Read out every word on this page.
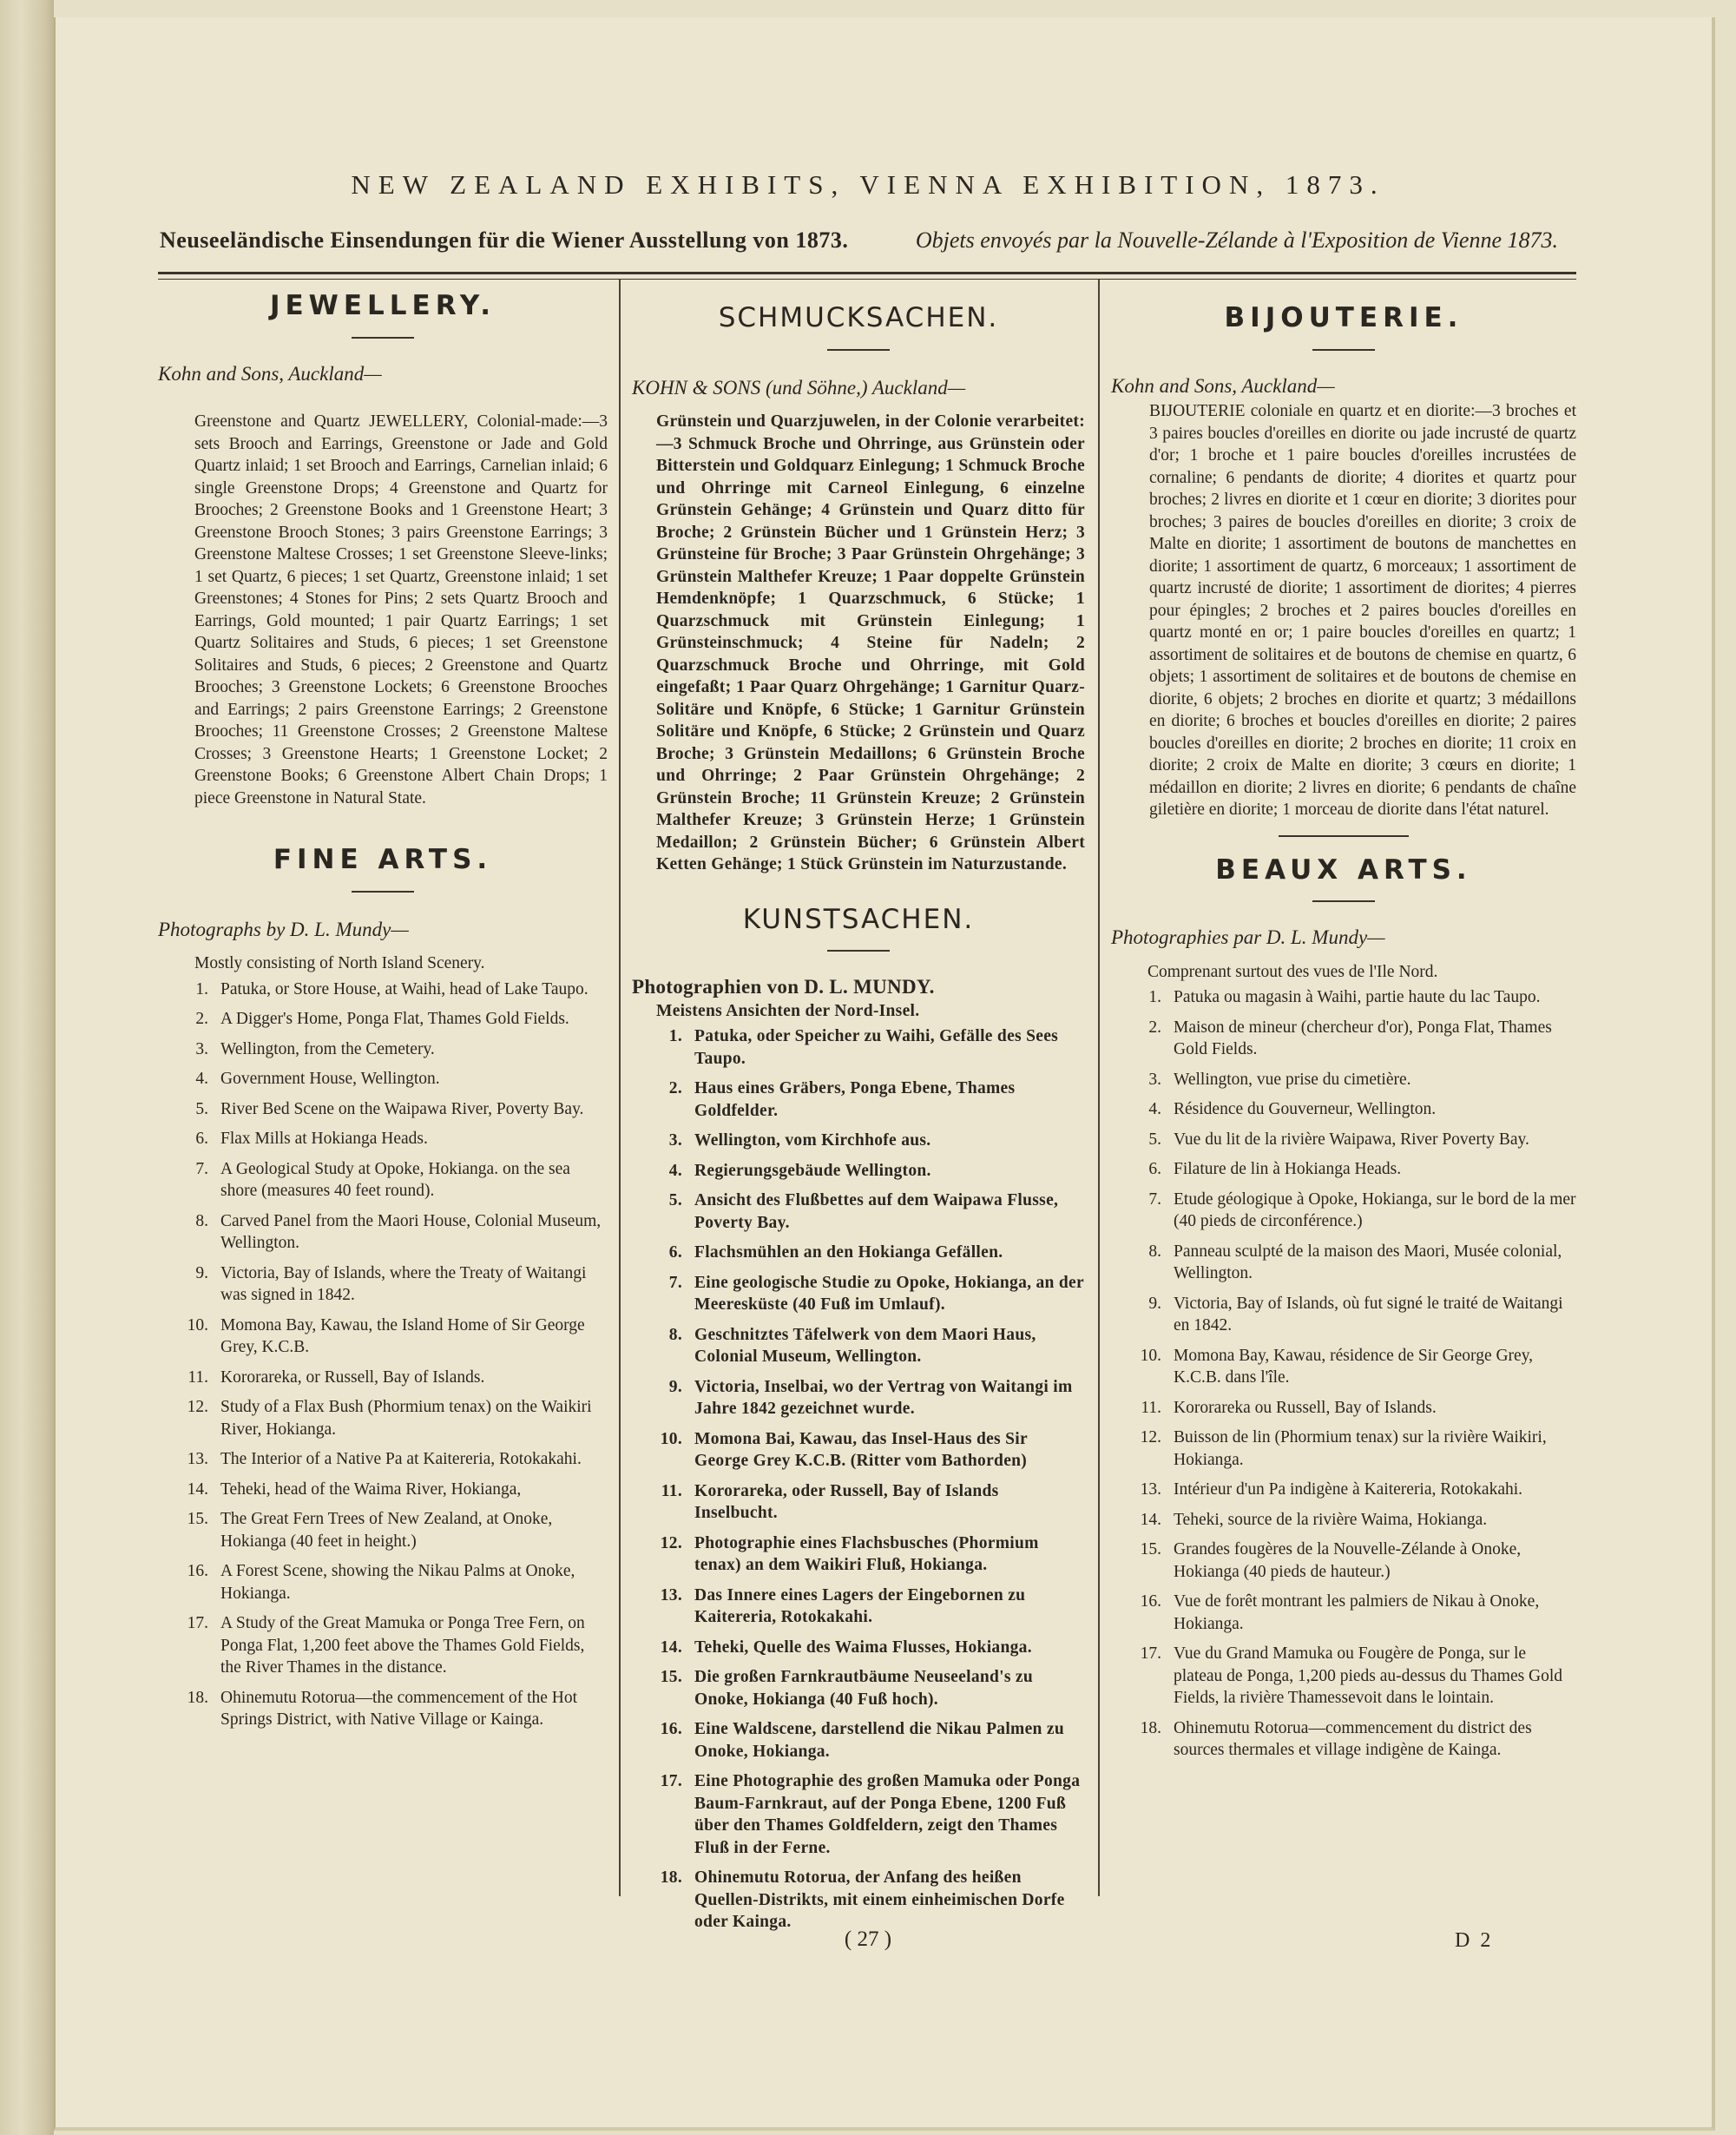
NEW ZEALAND EXHIBITS, VIENNA EXHIBITION, 1873.
Neuseeländische Einsendungen für die Wiener Ausstellung von 1873.	Objets envoyés par la Nouvelle-Zélande à l'Exposition de Vienne 1873.
JEWELLERY.
Kohn and Sons, Auckland—

Greenstone and Quartz JEWELLERY, Colonial-made:—3 sets Brooch and Earrings, Greenstone or Jade and Gold Quartz inlaid; 1 set Brooch and Earrings, Carnelian inlaid; 6 single Greenstone Drops; 4 Greenstone and Quartz for Brooches; 2 Greenstone Books and 1 Greenstone Heart; 3 Greenstone Brooch Stones; 3 pairs Greenstone Earrings; 3 Greenstone Maltese Crosses; 1 set Greenstone Sleeve-links; 1 set Quartz, 6 pieces; 1 set Quartz, Greenstone inlaid; 1 set Greenstones; 4 Stones for Pins; 2 sets Quartz Brooch and Earrings, Gold mounted; 1 pair Quartz Earrings; 1 set Quartz Solitaires and Studs, 6 pieces; 1 set Greenstone Solitaires and Studs, 6 pieces; 2 Greenstone and Quartz Brooches; 3 Greenstone Lockets; 6 Greenstone Brooches and Earrings; 2 pairs Greenstone Earrings; 2 Greenstone Brooches; 11 Greenstone Crosses; 2 Greenstone Maltese Crosses; 3 Greenstone Hearts; 1 Greenstone Locket; 2 Greenstone Books; 6 Greenstone Albert Chain Drops; 1 piece Greenstone in Natural State.

FINE ARTS.
Photographs by D. L. Mundy—
Mostly consisting of North Island Scenery.
1. Patuka, or Store House, at Waihi, head of Lake Taupo.
2. A Digger's Home, Ponga Flat, Thames Gold Fields.
3. Wellington, from the Cemetery.
4. Government House, Wellington.
5. River Bed Scene on the Waipawa River, Poverty Bay.
6. Flax Mills at Hokianga Heads.
7. A Geological Study at Opoke, Hokianga. on the sea shore (measures 40 feet round).
8. Carved Panel from the Maori House, Colonial Museum, Wellington.
9. Victoria, Bay of Islands, where the Treaty of Waitangi was signed in 1842.
10. Momona Bay, Kawau, the Island Home of Sir George Grey, K.C.B.
11. Kororareka, or Russell, Bay of Islands.
12. Study of a Flax Bush (Phormium tenax) on the Waikiri River, Hokianga.
13. The Interior of a Native Pa at Kaitereria, Rotokakahi.
14. Teheki, head of the Waima River, Hokianga,
15. The Great Fern Trees of New Zealand, at Onoke, Hokianga (40 feet in height.)
16. A Forest Scene, showing the Nikau Palms at Onoke, Hokianga.
17. A Study of the Great Mamuka or Ponga Tree Fern, on Ponga Flat, 1,200 feet above the Thames Gold Fields, the River Thames in the distance.
18. Ohinemutu Rotorua—the commencement of the Hot Springs District, with Native Village or Kainga.
SCHMUCKSACHEN.
KOHN & SONS (und Söhne,) Auckland—

Grünstein und Quarzjuwelen, in der Colonie verarbeitet:—3 Schmuck Broche und Ohrringe, aus Grünstein oder Bitterstein und Goldquarz Einlegung; 1 Schmuck Broche und Ohrringe mit Carneol Einlegung, 6 einzelne Grünstein Gehänge; 4 Grünstein und Quarz ditto für Broche; 2 Grünstein Bücher und 1 Grünstein Herz; 3 Grünsteine für Broche; 3 Paar Grünstein Ohrgehänge; 3 Grünstein Malthefer Kreuze; 1 Paar doppelte Grünstein Hemdenknöpfe; 1 Quarzschmuck, 6 Stücke; 1 Quarzschmuck mit Grünstein Einlegung; 1 Grünsteinschmuck; 4 Steine für Nadeln; 2 Quarzschmuck Broche und Ohrringe, mit Gold eingefaßt; 1 Paar Quarz Ohrgehänge; 1 Garnitur Quarz-Solitäre und Knöpfe, 6 Stücke; 1 Garnitur Grünstein Solitäre und Knöpfe, 6 Stücke; 2 Grünstein und Quarz Broche; 3 Grünstein Medaillons; 6 Grünstein Broche und Ohrringe; 2 Paar Grünstein Ohrgehänge; 2 Grünstein Broche; 11 Grünstein Kreuze; 2 Grünstein Malthefer Kreuze; 3 Grünstein Herze; 1 Grünstein Medaillon; 2 Grünstein Bücher; 6 Grünstein Albert Ketten Gehänge; 1 Stück Grünstein im Naturzustande.

KUNSTSACHEN.
Photographien von D. L. MUNDY.
Meistens Ansichten der Nord-Insel.
1. Patuka, oder Speicher zu Waihi, Gefälle des Sees Taupo.
2. Haus eines Gräbers, Ponga Ebene, Thames Goldfelder.
3. Wellington, vom Kirchhofe aus.
4. Regierungsgebäude Wellington.
5. Ansicht des Flußbettes auf dem Waipawa Flusse, Poverty Bay.
6. Flachsmühlen an den Hokianga Gefällen.
7. Eine geologische Studie zu Opoke, Hokianga, an der Meeresküste (40 Fuß im Umlauf).
8. Geschnitztes Täfelwerk von dem Maori Haus, Colonial Museum, Wellington.
9. Victoria, Inselbai, wo der Vertrag von Waitangi im Jahre 1842 gezeichnet wurde.
10. Momona Bai, Kawau, das Insel-Haus des Sir George Grey K.C.B. (Ritter vom Bathorden)
11. Kororareka, oder Russell, Bay of Islands Inselbucht.
12. Photographie eines Flachsbusches (Phormium tenax) an dem Waikiri Fluß, Hokianga.
13. Das Innere eines Lagers der Eingebornen zu Kaitereria, Rotokakahi.
14. Teheki, Quelle des Waima Flusses, Hokianga.
15. Die großen Farnkrautbäume Neuseeland's zu Onoke, Hokianga (40 Fuß hoch).
16. Eine Waldscene, darstellend die Nikau Palmen zu Onoke, Hokianga.
17. Eine Photographie des großen Mamuka oder Ponga Baum-Farnkraut, auf der Ponga Ebene, 1200 Fuß über den Thames Goldfeldern, zeigt den Thames Fluß in der Ferne.
18. Ohinemutu Rotorua, der Anfang des heißen Quellen-Distrikts, mit einem einheimischen Dorfe oder Kainga.
BIJOUTERIE.
Kohn and Sons, Auckland—

BIJOUTERIE coloniale en quartz et en diorite:—3 broches et 3 paires boucles d'oreilles en diorite ou jade incrusté de quartz d'or; 1 broche et 1 paire boucles d'oreilles incrustées de cornaline; 6 pendants de diorite; 4 diorites et quartz pour broches; 2 livres en diorite et 1 cœur en diorite; 3 diorites pour broches; 3 paires de boucles d'oreilles en diorite; 3 croix de Malte en diorite; 1 assortiment de boutons de manchettes en diorite; 1 assortiment de quartz, 6 morceaux; 1 assortiment de quartz incrusté de diorite; 1 assortiment de diorites; 4 pierres pour épingles; 2 broches et 2 paires boucles d'oreilles en quartz monté en or; 1 paire boucles d'oreilles en quartz; 1 assortiment de solitaires et de boutons de chemise en quartz, 6 objets; 1 assortiment de solitaires et de boutons de chemise en diorite, 6 objets; 2 broches en diorite et quartz; 3 médaillons en diorite; 6 broches et boucles d'oreilles en diorite; 2 paires boucles d'oreilles en diorite; 2 broches en diorite; 11 croix en diorite; 2 croix de Malte en diorite; 3 cœurs en diorite; 1 médaillon en diorite; 2 livres en diorite; 6 pendants de chaîne giletière en diorite; 1 morceau de diorite dans l'état naturel.

BEAUX ARTS.
Photographies par D. L. Mundy—
Comprenant surtout des vues de l'Ile Nord.
1. Patuka ou magasin à Waihi, partie haute du lac Taupo.
2. Maison de mineur (chercheur d'or), Ponga Flat, Thames Gold Fields.
3. Wellington, vue prise du cimetière.
4. Résidence du Gouverneur, Wellington.
5. Vue du lit de la rivière Waipawa, River Poverty Bay.
6. Filature de lin à Hokianga Heads.
7. Etude géologique à Opoke, Hokianga, sur le bord de la mer (40 pieds de circonférence.)
8. Panneau sculpté de la maison des Maori, Musée colonial, Wellington.
9. Victoria, Bay of Islands, où fut signé le traité de Waitangi en 1842.
10. Momona Bay, Kawau, résidence de Sir George Grey, K.C.B. dans l'île.
11. Kororareka ou Russell, Bay of Islands.
12. Buisson de lin (Phormium tenax) sur la rivière Waikiri, Hokianga.
13. Intérieur d'un Pa indigène à Kaitereria, Rotokakahi.
14. Teheki, source de la rivière Waima, Hokianga.
15. Grandes fougères de la Nouvelle-Zélande à Onoke, Hokianga (40 pieds de hauteur.)
16. Vue de forêt montrant les palmiers de Nikau à Onoke, Hokianga.
17. Vue du Grand Mamuka ou Fougère de Ponga, sur le plateau de Ponga, 1,200 pieds au-dessus du Thames Gold Fields, la rivière Thamessevoit dans le lointain.
18. Ohinemutu Rotorua—commencement du district des sources thermales et village indigène de Kainga.
( 27 )	D 2
